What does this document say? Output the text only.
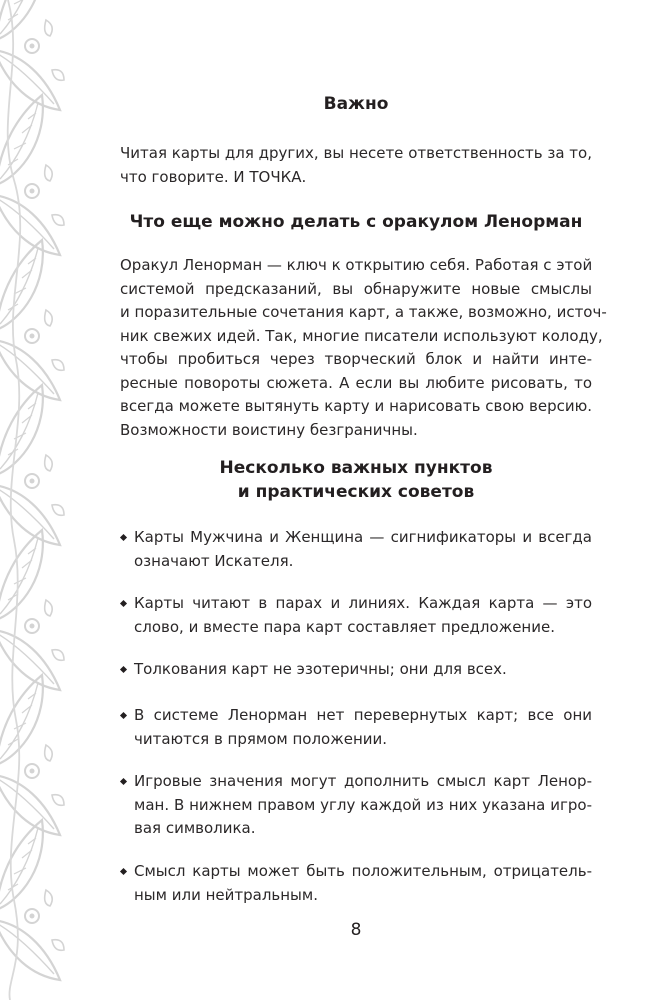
Важно
Читая карты для других, вы несете ответственность за то,
что говорите. И ТОЧКА.
Что еще можно делать с оракулом Ленорман
Оракул Ленорман — ключ к открытию себя. Работая с этой
системой предсказаний, вы обнаружите новые смыслы
и поразительные сочетания карт, а также, возможно, источ-
ник свежих идей. Так, многие писатели используют колоду,
чтобы пробиться через творческий блок и найти инте-
ресные повороты сюжета. А если вы любите рисовать, то
всегда можете вытянуть карту и нарисовать свою версию.
Возможности воистину безграничны.
Несколько важных пунктов
и практических советов
Карты Мужчина и Женщина — сигнификаторы и всегда
означают Искателя.
Карты читают в парах и линиях. Каждая карта — это
слово, и вместе пара карт составляет предложение.
Толкования карт не эзотеричны; они для всех.
В системе Ленорман нет перевернутых карт; все они
читаются в прямом положении.
Игровые значения могут дополнить смысл карт Ленор-
ман. В нижнем правом углу каждой из них указана игро-
вая символика.
Смысл карты может быть положительным, отрицатель-
ным или нейтральным.
8
